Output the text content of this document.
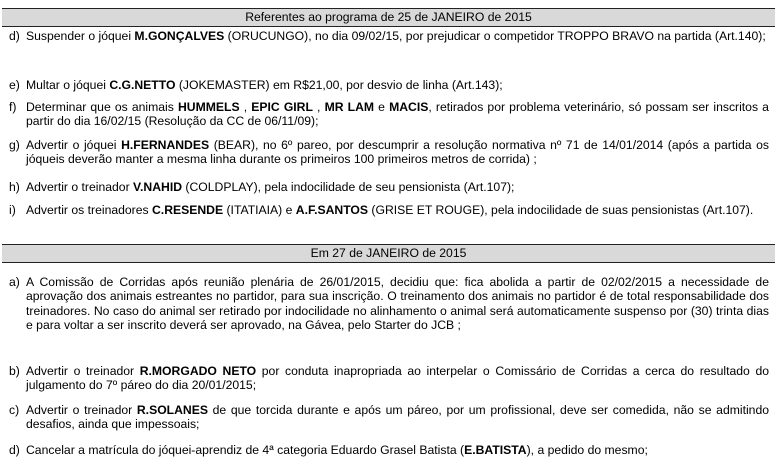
Referentes ao programa de 25 de JANEIRO de 2015
d) Suspender o jóquei M.GONÇALVES (ORUCUNGO), no dia 09/02/15, por prejudicar o competidor TROPPO BRAVO na partida (Art.140);
e) Multar o jóquei C.G.NETTO (JOKEMASTER) em R$21,00, por desvio de linha (Art.143);
f) Determinar que os animais HUMMELS , EPIC GIRL , MR LAM e MACIS, retirados por problema veterinário, só possam ser inscritos a partir do dia 16/02/15 (Resolução da CC de 06/11/09);
g) Advertir o jóquei H.FERNANDES (BEAR), no 6º pareo, por descumprir a resolução normativa nº 71 de 14/01/2014 (após a partida os jóqueis deverão manter a mesma linha durante os primeiros 100 primeiros metros de corrida) ;
h) Advertir o treinador V.NAHID (COLDPLAY), pela indocilidade de seu pensionista (Art.107);
i) Advertir os treinadores C.RESENDE (ITATIAIA) e A.F.SANTOS (GRISE ET ROUGE), pela indocilidade de suas pensionistas (Art.107).
Em 27 de JANEIRO de 2015
a) A Comissão de Corridas após reunião plenária de 26/01/2015, decidiu que: fica abolida a partir de 02/02/2015 a necessidade de aprovação dos animais estreantes no partidor, para sua inscrição. O treinamento dos animais no partidor é de total responsabilidade dos treinadores. No caso do animal ser retirado por indocilidade no alinhamento o animal será automaticamente suspenso por (30) trinta dias e para voltar a ser inscrito deverá ser aprovado, na Gávea, pelo Starter do JCB ;
b) Advertir o treinador R.MORGADO NETO por conduta inapropriada ao interpelar o Comissário de Corridas a cerca do resultado do julgamento do 7º páreo do dia 20/01/2015;
c) Advertir o treinador R.SOLANES de que torcida durante e após um páreo, por um profissional, deve ser comedida, não se admitindo desafios, ainda que impessoais;
d) Cancelar a matrícula do jóquei-aprendiz de 4ª categoria Eduardo Grasel Batista (E.BATISTA), a pedido do mesmo;
